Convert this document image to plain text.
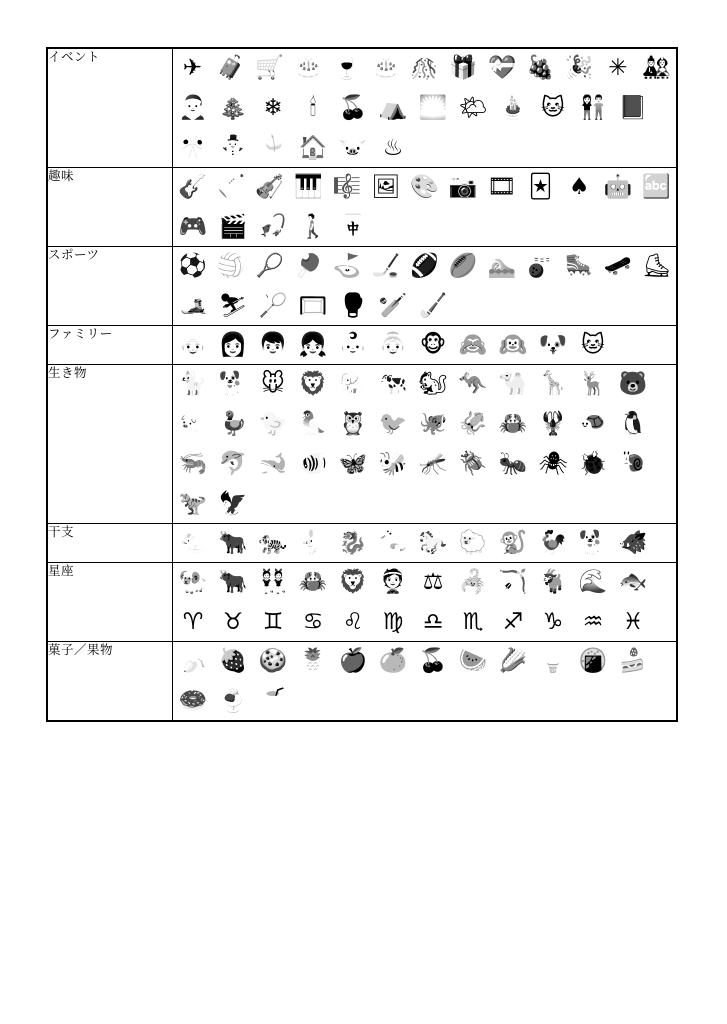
イベント	✈ 🧳 🛒 🎂 🍷 🎂 🎊 🎁 💝 🍇 🎉 ✳ 🎎
🎅 🎄 ❄	🕯 🍒 ⛺ 🌅 🌤 🎍 🐱 👫 📕
🎌 ⛄ 🎐 🏠 🐷 ♨

趣味	🎸 🎺 🎻 🎹 🎼 🖼 🎨 📷 🎞 🃏 ♠ 🤖 🔤
🎮 🎬 🎣 🚶 🀄

スポーツ	⚽ 🏐 🎾 🏓 ⛳ 🏒 🏈 🏉 🏊 🎳 🛼 🛹 ⛸
🎿 ⛷ 🏸 🥅 🥊 🏏 🏑

ファミリー	👴 👩 👦 👧 👶 👵 🐵 🙈 🙉 🐶 🐱

生き物	🐈 🐕 🐭 🦁 🐘 🐄 🐿 🦘 🐪 🦒 🦌 🐻
🐖 🦆 🐤 🦜 🦉 🐦 🐙 🦑 🦀 🦞 🐢 🐧
🦐 🐬 🐋 🐠 🦋 🐝 🦟 🪲 🐜 🕷 🐞 🐌
🦖 🦅

干支	🐁 🐂 🐅 🐇 🐉 🐍 🐎 🐑 🐒 🐓 🐕 🐗

星座	🐏 🐂 👯 🦀 🦁 👰 ⚖ 🦂 🏹 🐐 🌊 🐟
♈ ♉ ♊ ♋ ♌ ♍ ♎ ♏ ♐ ♑ ♒ ♓

菓子／果物	🍌 🍓 🍪 🍍 🍎 🍊 🍒 🍉 🌽 🍦 🍘 🍰
🍩 🍨 🥤
